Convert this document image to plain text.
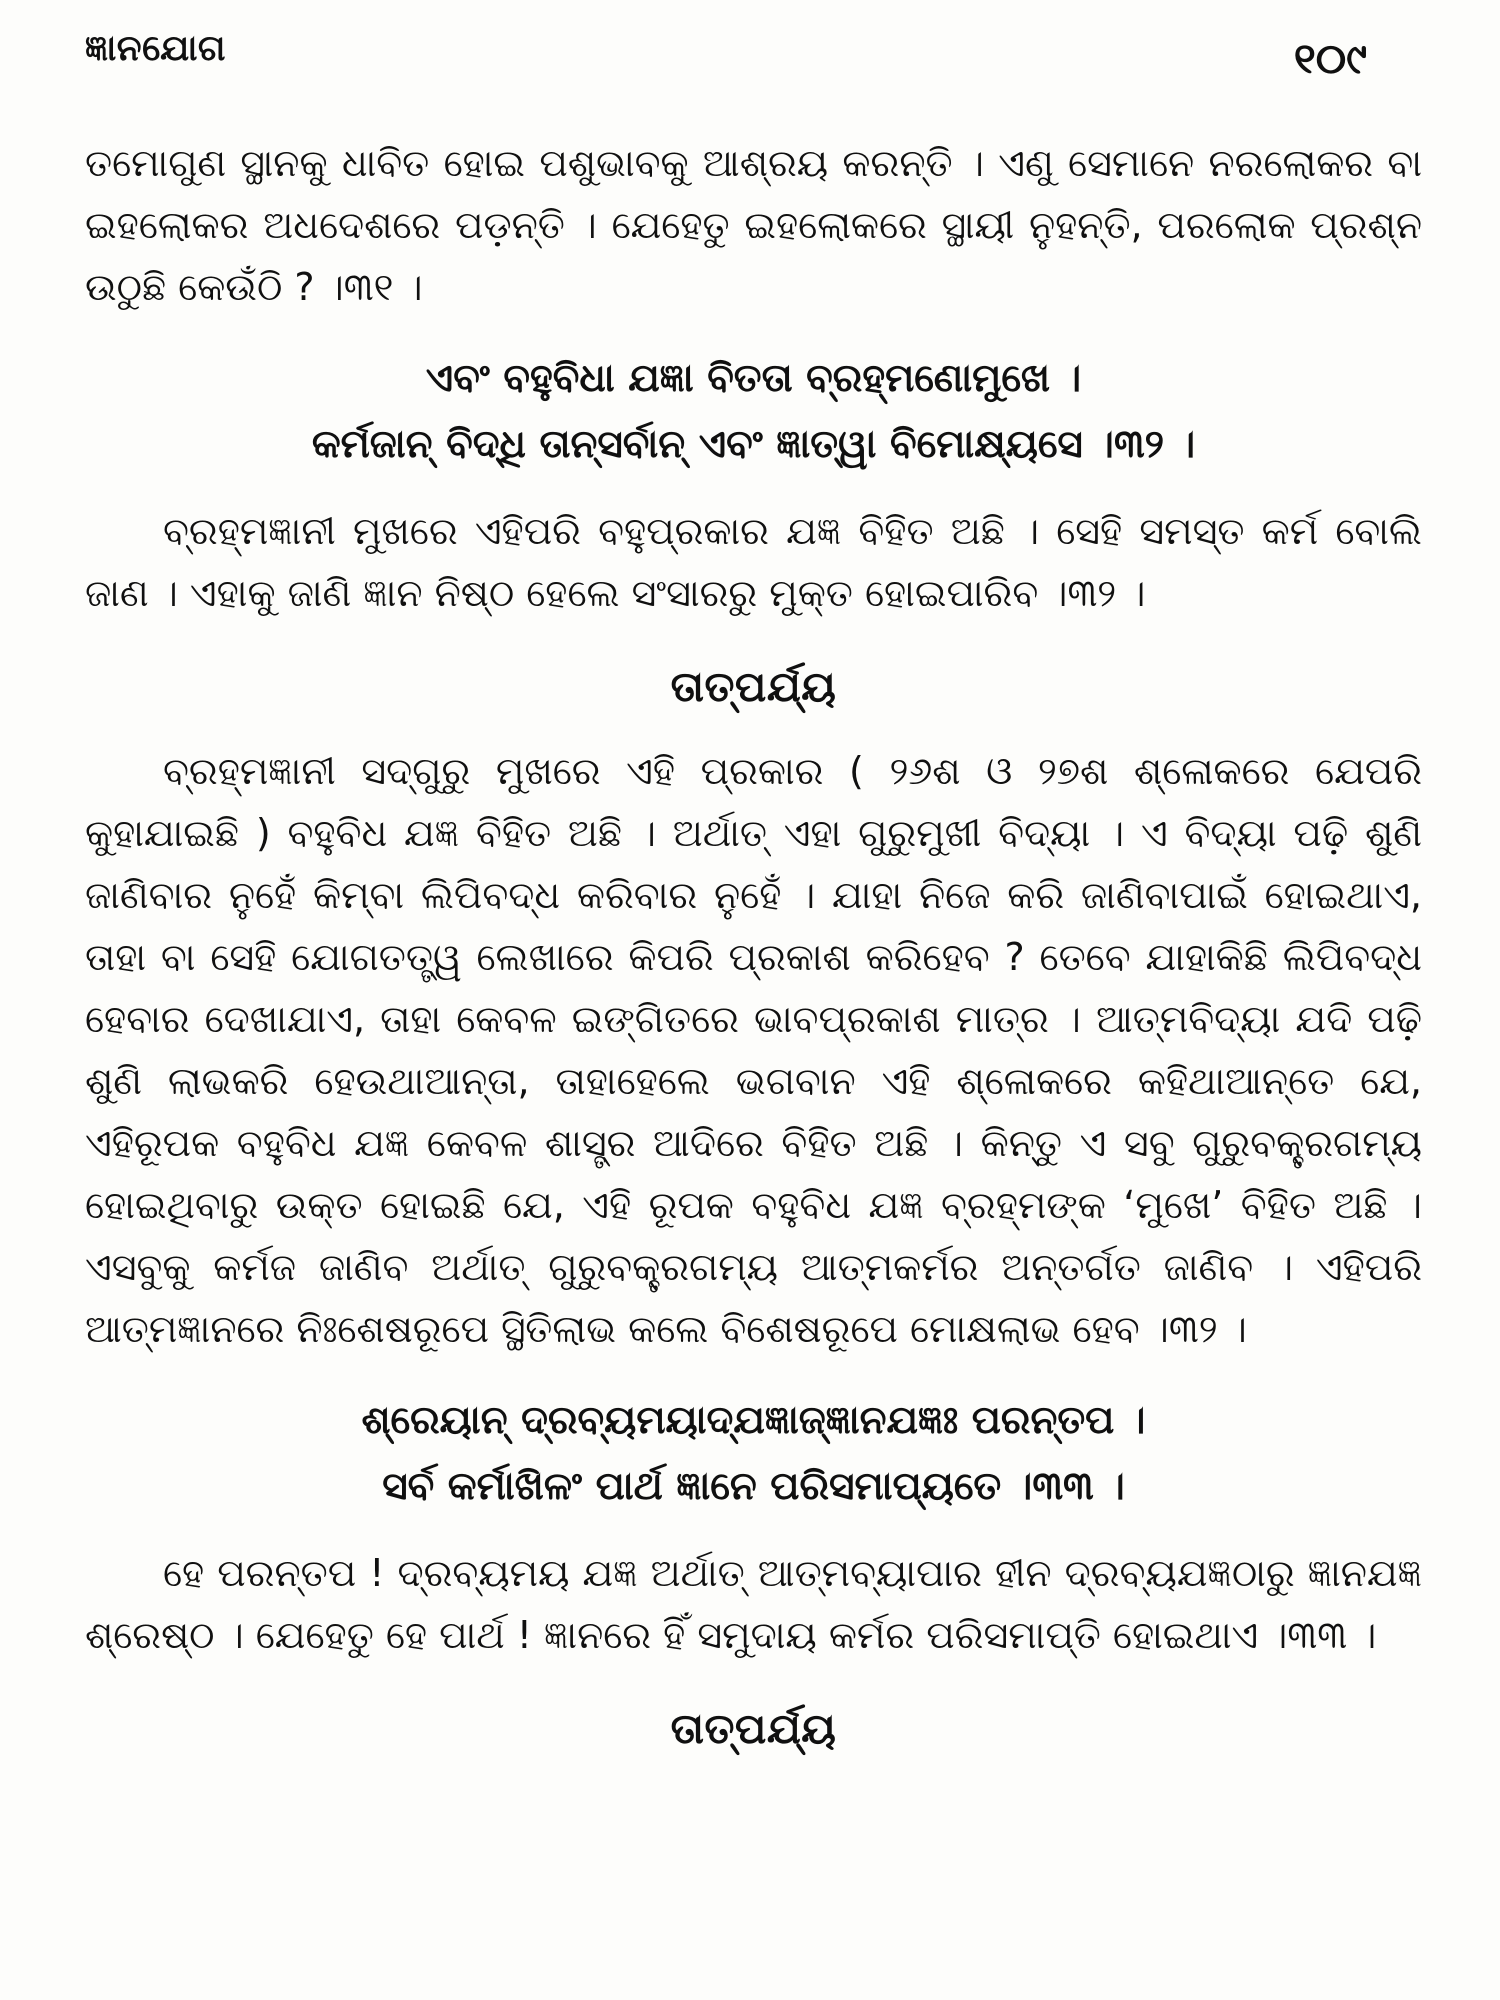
ଜ୍ଞାନଯୋଗ	୧୦୯

ତମୋଗୁଣ ସ୍ଥାନକୁ ଧାବିତ ହୋଇ ପଶୁଭାବକୁ ଆଶ୍ରୟ କରନ୍ତି । ଏଣୁ ସେମାନେ ନରଲୋକର ବା ଇହଲୋକର ଅଧଦେଶରେ ପଡ଼ନ୍ତି । ଯେହେତୁ ଇହଲୋକରେ ସ୍ଥାୟୀ ନୁହନ୍ତି, ପରଲୋକ ପ୍ରଶ୍ନ ଉଠୁଛି କେଉଁଠି ? ।୩୧ ।

ଏବଂ ବହୁବିଧା ଯଜ୍ଞା ବିତତା ବ୍ରହ୍ମଣୋମୁଖେ ।
କର୍ମଜାନ୍ ବିଦ୍ଧି ତାନ୍‌ସର୍ବାନ୍ ଏବଂ ଜ୍ଞାତ୍ୱା ବିମୋକ୍ଷ୍ୟସେ ।୩୨ ।

ବ୍ରହ୍ମଜ୍ଞାନୀ ମୁଖରେ ଏହିପରି ବହୁପ୍ରକାର ଯଜ୍ଞ ବିହିତ ଅଛି । ସେହି ସମସ୍ତ କର୍ମ ବୋଲି ଜାଣ । ଏହାକୁ ଜାଣି ଜ୍ଞାନ ନିଷ୍ଠ ହେଲେ ସଂସାରରୁ ମୁକ୍ତ ହୋଇପାରିବ ।୩୨ ।

ତାତ୍ପର୍ଯ୍ୟ

ବ୍ରହ୍ମଜ୍ଞାନୀ ସଦ୍‌ଗୁରୁ ମୁଖରେ ଏହି ପ୍ରକାର ( ୨୬ଶ ଓ ୨୭ଶ ଶ୍ଳୋକରେ ଯେପରି କୁହାଯାଇଛି ) ବହୁବିଧ ଯଜ୍ଞ ବିହିତ ଅଛି । ଅର୍ଥାତ୍ ଏହା ଗୁରୁମୁଖୀ ବିଦ୍ୟା । ଏ ବିଦ୍ୟା ପଢ଼ି ଶୁଣି ଜାଣିବାର ନୁହେଁ କିମ୍ବା ଲିପିବଦ୍ଧ କରିବାର ନୁହେଁ । ଯାହା ନିଜେ କରି ଜାଣିବାପାଇଁ ହୋଇଥାଏ, ତାହା ବା ସେହି ଯୋଗତତ୍ତ୍ୱ ଲେଖାରେ କିପରି ପ୍ରକାଶ କରିହେବ ? ତେବେ ଯାହାକିଛି ଲିପିବଦ୍ଧ ହେବାର ଦେଖାଯାଏ, ତାହା କେବଳ ଇଙ୍ଗିତରେ ଭାବପ୍ରକାଶ ମାତ୍ର । ଆତ୍ମବିଦ୍ୟା ଯଦି ପଢ଼ି ଶୁଣି ଲାଭକରି ହେଉଥାଆନ୍ତା, ତାହାହେଲେ ଭଗବାନ ଏହି ଶ୍ଳୋକରେ କହିଥାଆନ୍ତେ ଯେ, ଏହିରୂପକ ବହୁବିଧ ଯଜ୍ଞ କେବଳ ଶାସ୍ତ୍ର ଆଦିରେ ବିହିତ ଅଛି । କିନ୍ତୁ ଏ ସବୁ ଗୁରୁବକ୍ତ୍ରଗମ୍ୟ ହୋଇଥିବାରୁ ଉକ୍ତ ହୋଇଛି ଯେ, ଏହି ରୂପକ ବହୁବିଧ ଯଜ୍ଞ ବ୍ରହ୍ମଙ୍କ ‘ମୁଖେ’ ବିହିତ ଅଛି । ଏସବୁକୁ କର୍ମଜ ଜାଣିବ ଅର୍ଥାତ୍ ଗୁରୁବକ୍ତ୍ରଗମ୍ୟ ଆତ୍ମକର୍ମର ଅନ୍ତର୍ଗତ ଜାଣିବ । ଏହିପରି ଆତ୍ମଜ୍ଞାନରେ ନିଃଶେଷରୂପେ ସ୍ଥିତିଲାଭ କଲେ ବିଶେଷରୂପେ ମୋକ୍ଷଲାଭ ହେବ ।୩୨ ।

ଶ୍ରେୟାନ୍ ଦ୍ରବ୍ୟମୟାଦ୍‌ଯଜ୍ଞାଜ୍‌ଜ୍ଞାନଯଜ୍ଞଃ ପରନ୍ତପ ।
ସର୍ବ କର୍ମାଖିଳଂ ପାର୍ଥ ଜ୍ଞାନେ ପରିସମାପ୍ୟତେ ।୩୩ ।

ହେ ପରନ୍ତପ ! ଦ୍ରବ୍ୟମୟ ଯଜ୍ଞ ଅର୍ଥାତ୍ ଆତ୍ମବ୍ୟାପାର ହୀନ ଦ୍ରବ୍ୟଯଜ୍ଞଠାରୁ ଜ୍ଞାନଯଜ୍ଞ ଶ୍ରେଷ୍ଠ । ଯେହେତୁ ହେ ପାର୍ଥ ! ଜ୍ଞାନରେ ହିଁ ସମୁଦାୟ କର୍ମର ପରିସମାପ୍ତି ହୋଇଥାଏ ।୩୩ ।

ତାତ୍ପର୍ଯ୍ୟ
